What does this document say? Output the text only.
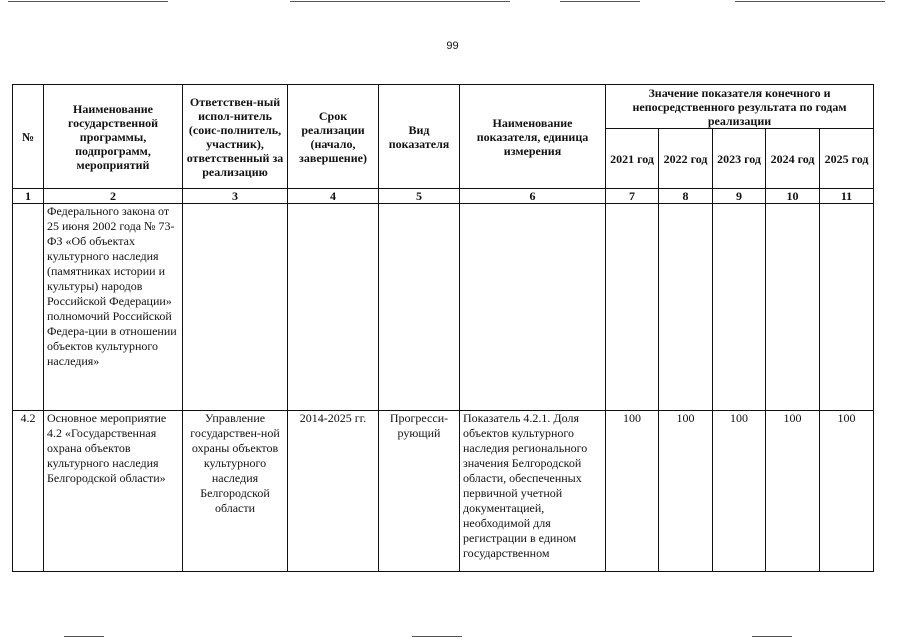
99
№	Наименование государственной программы, подпрограмм, мероприятий	Ответствен-ный испол-нитель (соис-полнитель, участник), ответственный за реализацию	Срок реализации (начало, завершение)	Вид показателя	Наименование показателя, единица измерения	Значение показателя конечного и непосредственного результата по годам реализации				
						2021 год	2022 год	2023 год	2024 год	2025 год
1	2	3	4	5	6	7	8	9	10	11
	Федерального закона от 25 июня 2002 года № 73-ФЗ «Об объектах культурного наследия (памятниках истории и культуры) народов Российской Федерации» полномочий Российской Федера-ции в отношении объектов культурного наследия»									
4.2	Основное мероприятие 4.2 «Государственная охрана объектов культурного наследия Белгородской области»	Управление государствен-ной охраны объектов культурного наследия Белгородской области	2014-2025 гг.	Прогресси-рующий	Показатель 4.2.1. Доля объектов культурного наследия регионального значения Белгородской области, обеспеченных первичной учетной документацией, необходимой для регистрации в едином государственном	100	100	100	100	100
